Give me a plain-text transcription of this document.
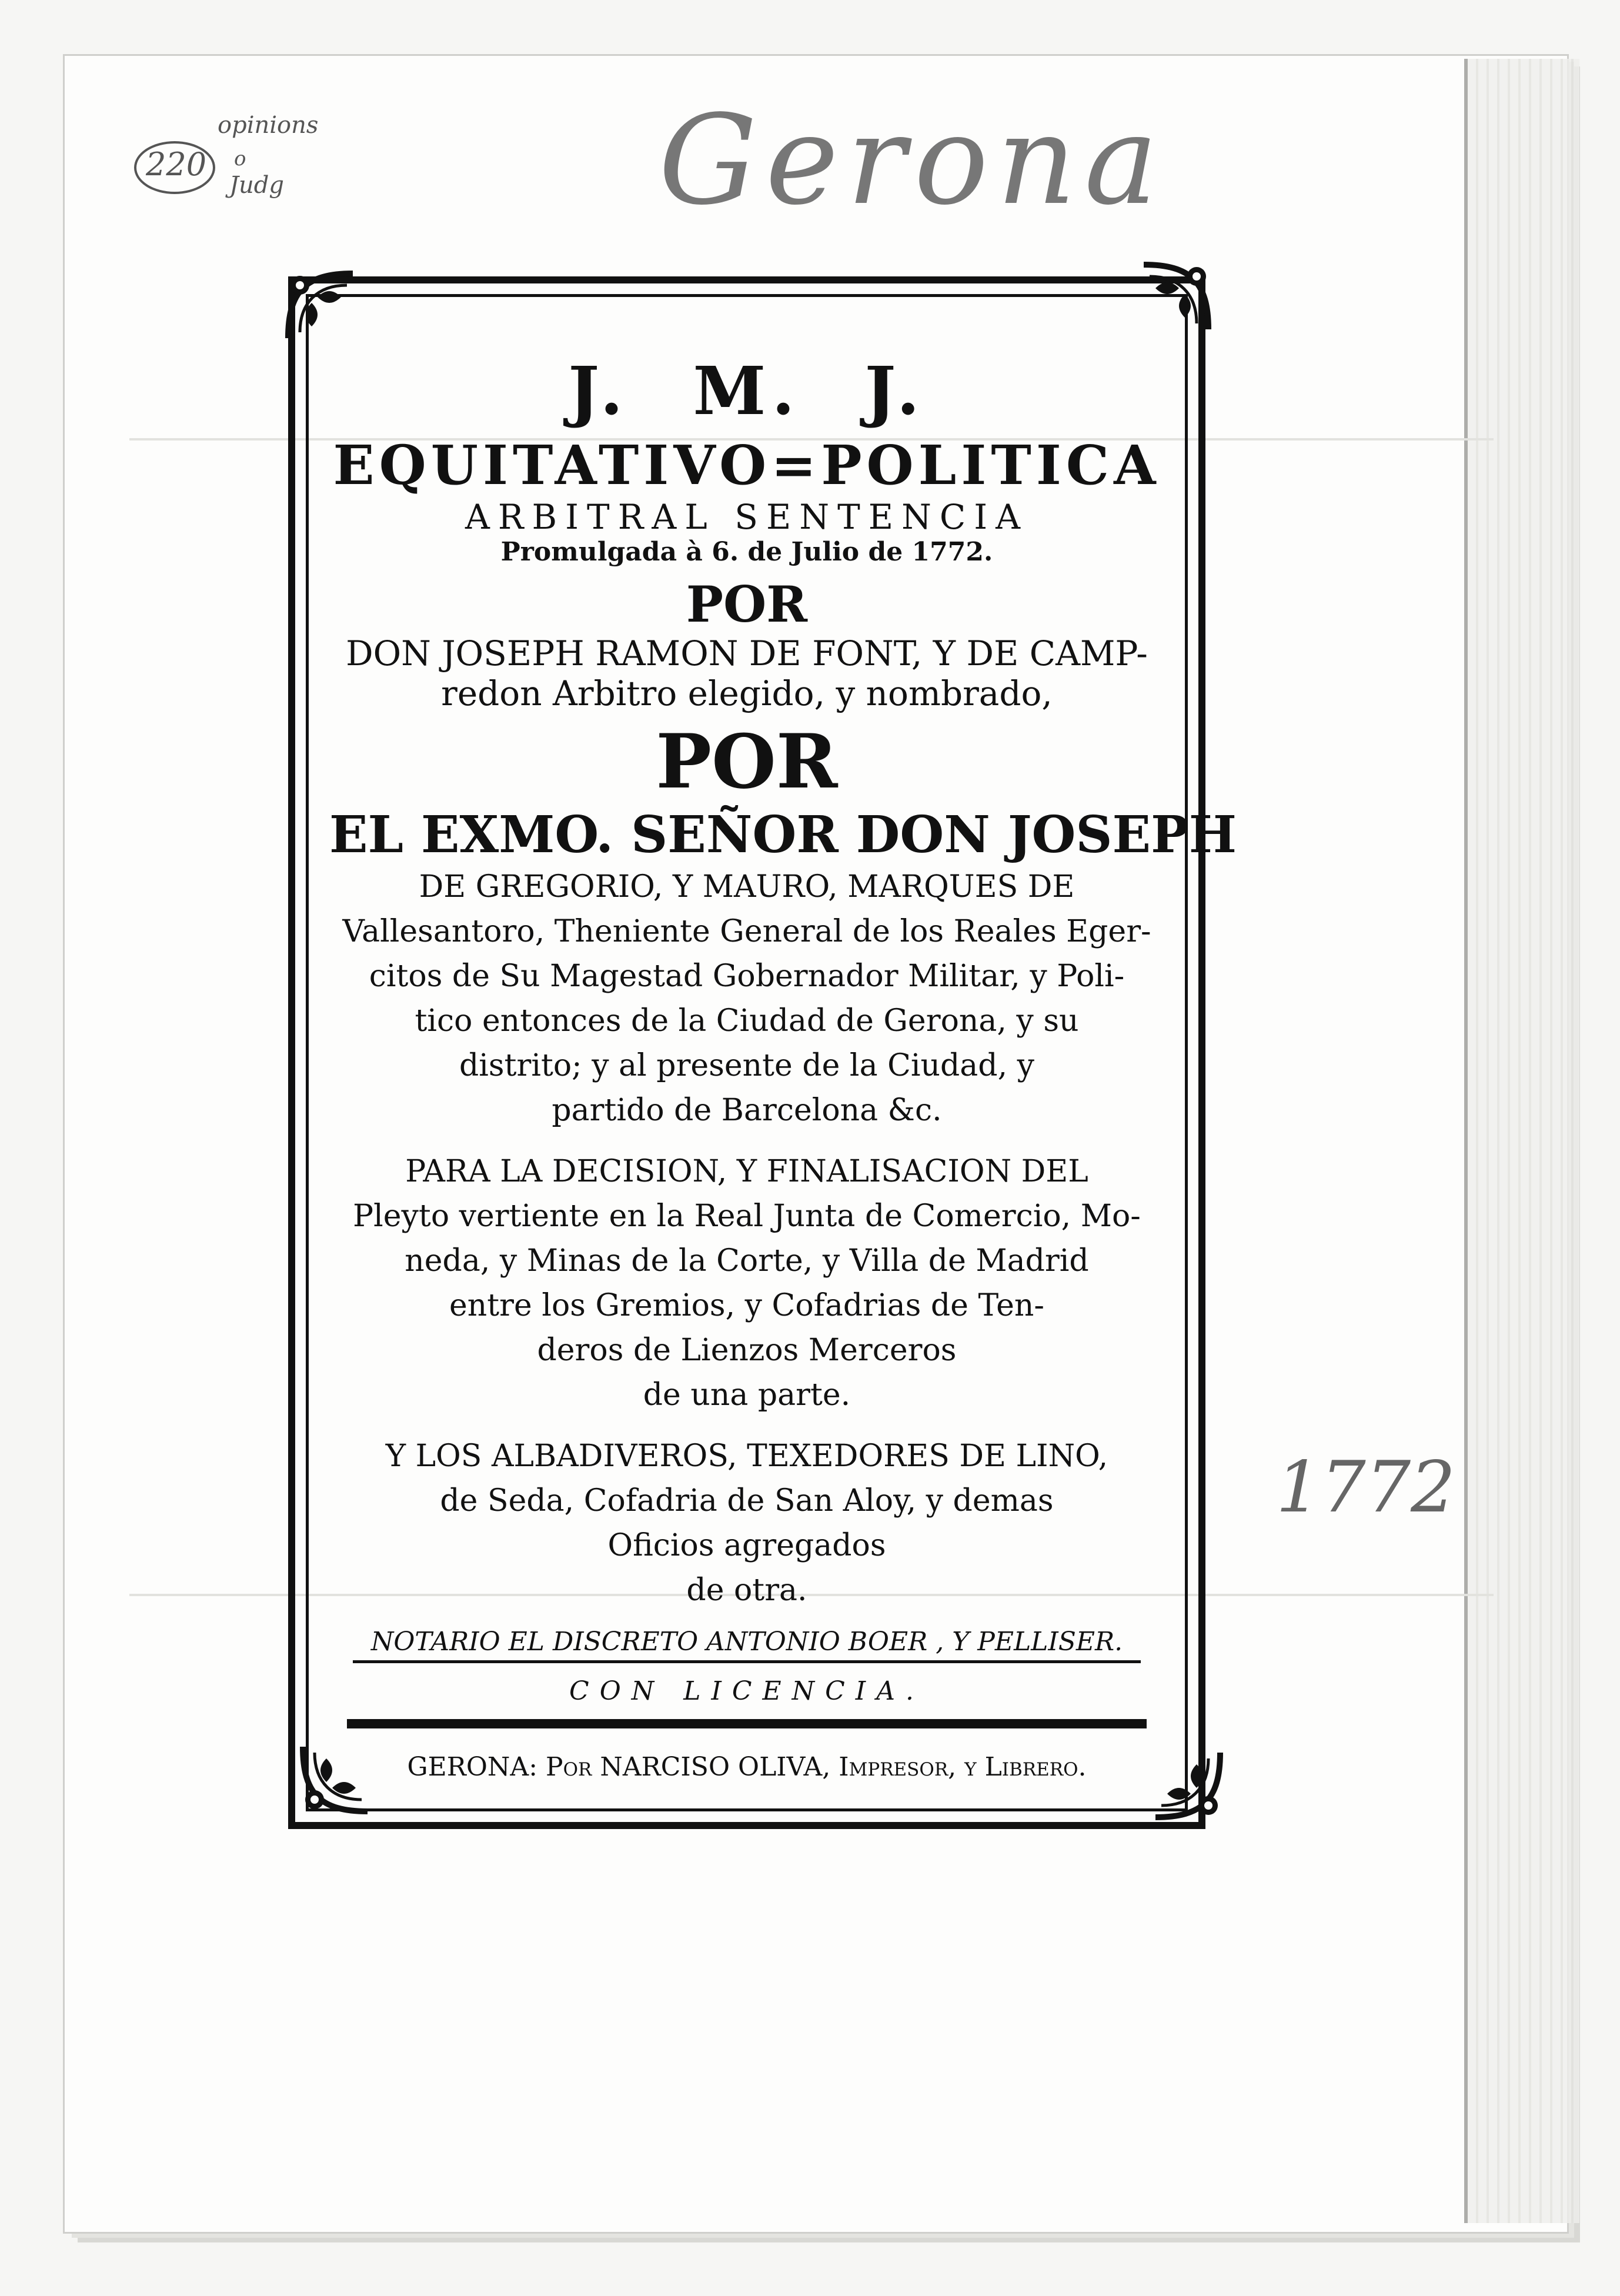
220
opinions
o
Judg	Gerona
1772

J. M. J.

EQUITATIVO=POLITICA

ARBITRAL SENTENCIA

Promulgada à 6. de Julio de 1772.

POR

DON JOSEPH RAMON DE FONT, Y DE CAMP-

redon Arbitro elegido, y nombrado,

POR

EL EXMO. SEÑOR DON JOSEPH

DE GREGORIO, Y MAURO, MARQUES DE

Vallesantoro, Theniente General de los Reales Eger-

citos de Su Magestad Gobernador Militar, y Poli-

tico entonces de la Ciudad de Gerona, y su

distrito; y al presente de la Ciudad, y

partido de Barcelona &c.

PARA LA DECISION, Y FINALISACION DEL

Pleyto vertiente en la Real Junta de Comercio, Mo-

neda, y Minas de la Corte, y Villa de Madrid

entre los Gremios, y Cofadrias de Ten-

deros de Lienzos Merceros

de una parte.

Y LOS ALBADIVEROS, TEXEDORES DE LINO,

de Seda, Cofadria de San Aloy, y demas

Oficios agregados

de otra.

NOTARIO EL DISCRETO ANTONIO BOER , Y PELLISER.

CON LICENCIA.

GERONA: Por NARCISO OLIVA, Impresor, y Librero.
